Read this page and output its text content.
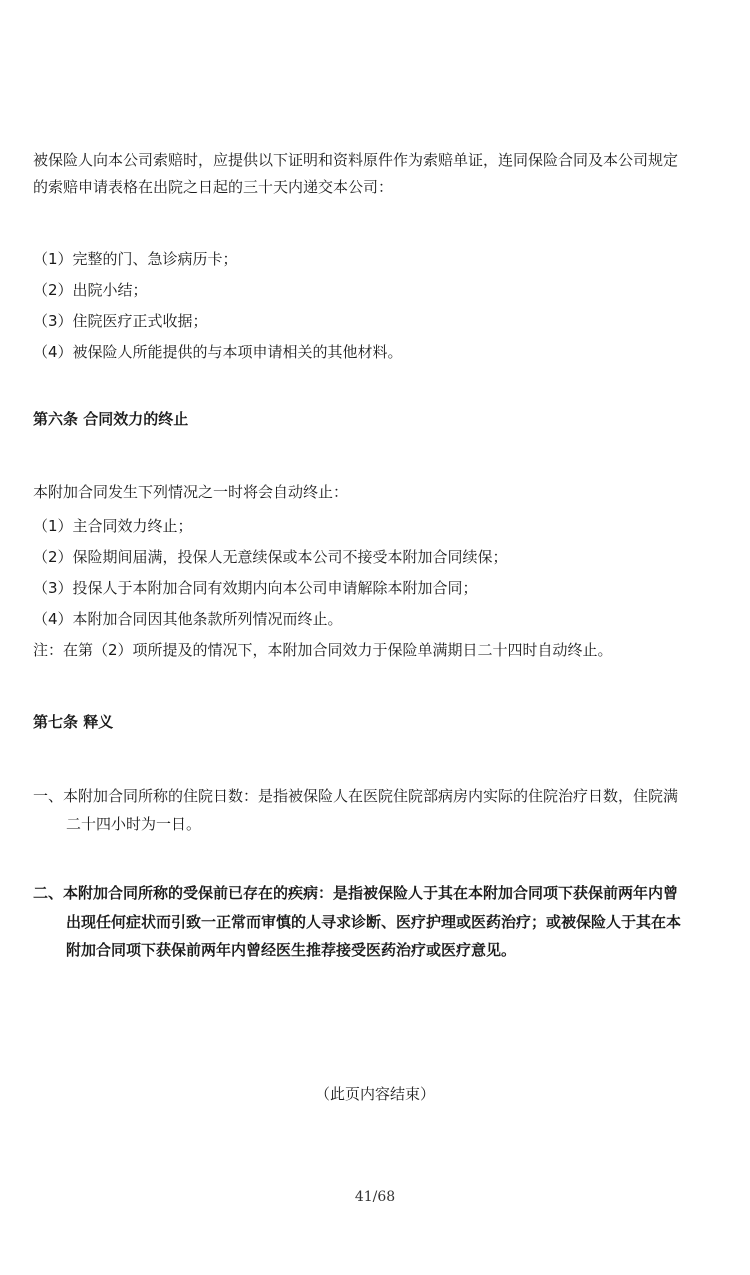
被保险人向本公司索赔时，应提供以下证明和资料原件作为索赔单证，连同保险合同及本公司规定
的索赔申请表格在出院之日起的三十天内递交本公司：
（1）完整的门、急诊病历卡；
（2）出院小结；
（3）住院医疗正式收据；
（4）被保险人所能提供的与本项申请相关的其他材料。
第六条 合同效力的终止
本附加合同发生下列情况之一时将会自动终止：
（1）主合同效力终止；
（2）保险期间届满，投保人无意续保或本公司不接受本附加合同续保；
（3）投保人于本附加合同有效期内向本公司申请解除本附加合同；
（4）本附加合同因其他条款所列情况而终止。
注：在第（2）项所提及的情况下，本附加合同效力于保险单满期日二十四时自动终止。
第七条 释义
一、本附加合同所称的住院日数：是指被保险人在医院住院部病房内实际的住院治疗日数，住院满
二十四小时为一日。
二、本附加合同所称的受保前已存在的疾病：是指被保险人于其在本附加合同项下获保前两年内曾
出现任何症状而引致一正常而审慎的人寻求诊断、医疗护理或医药治疗；或被保险人于其在本
附加合同项下获保前两年内曾经医生推荐接受医药治疗或医疗意见。
（此页内容结束）
41/68
